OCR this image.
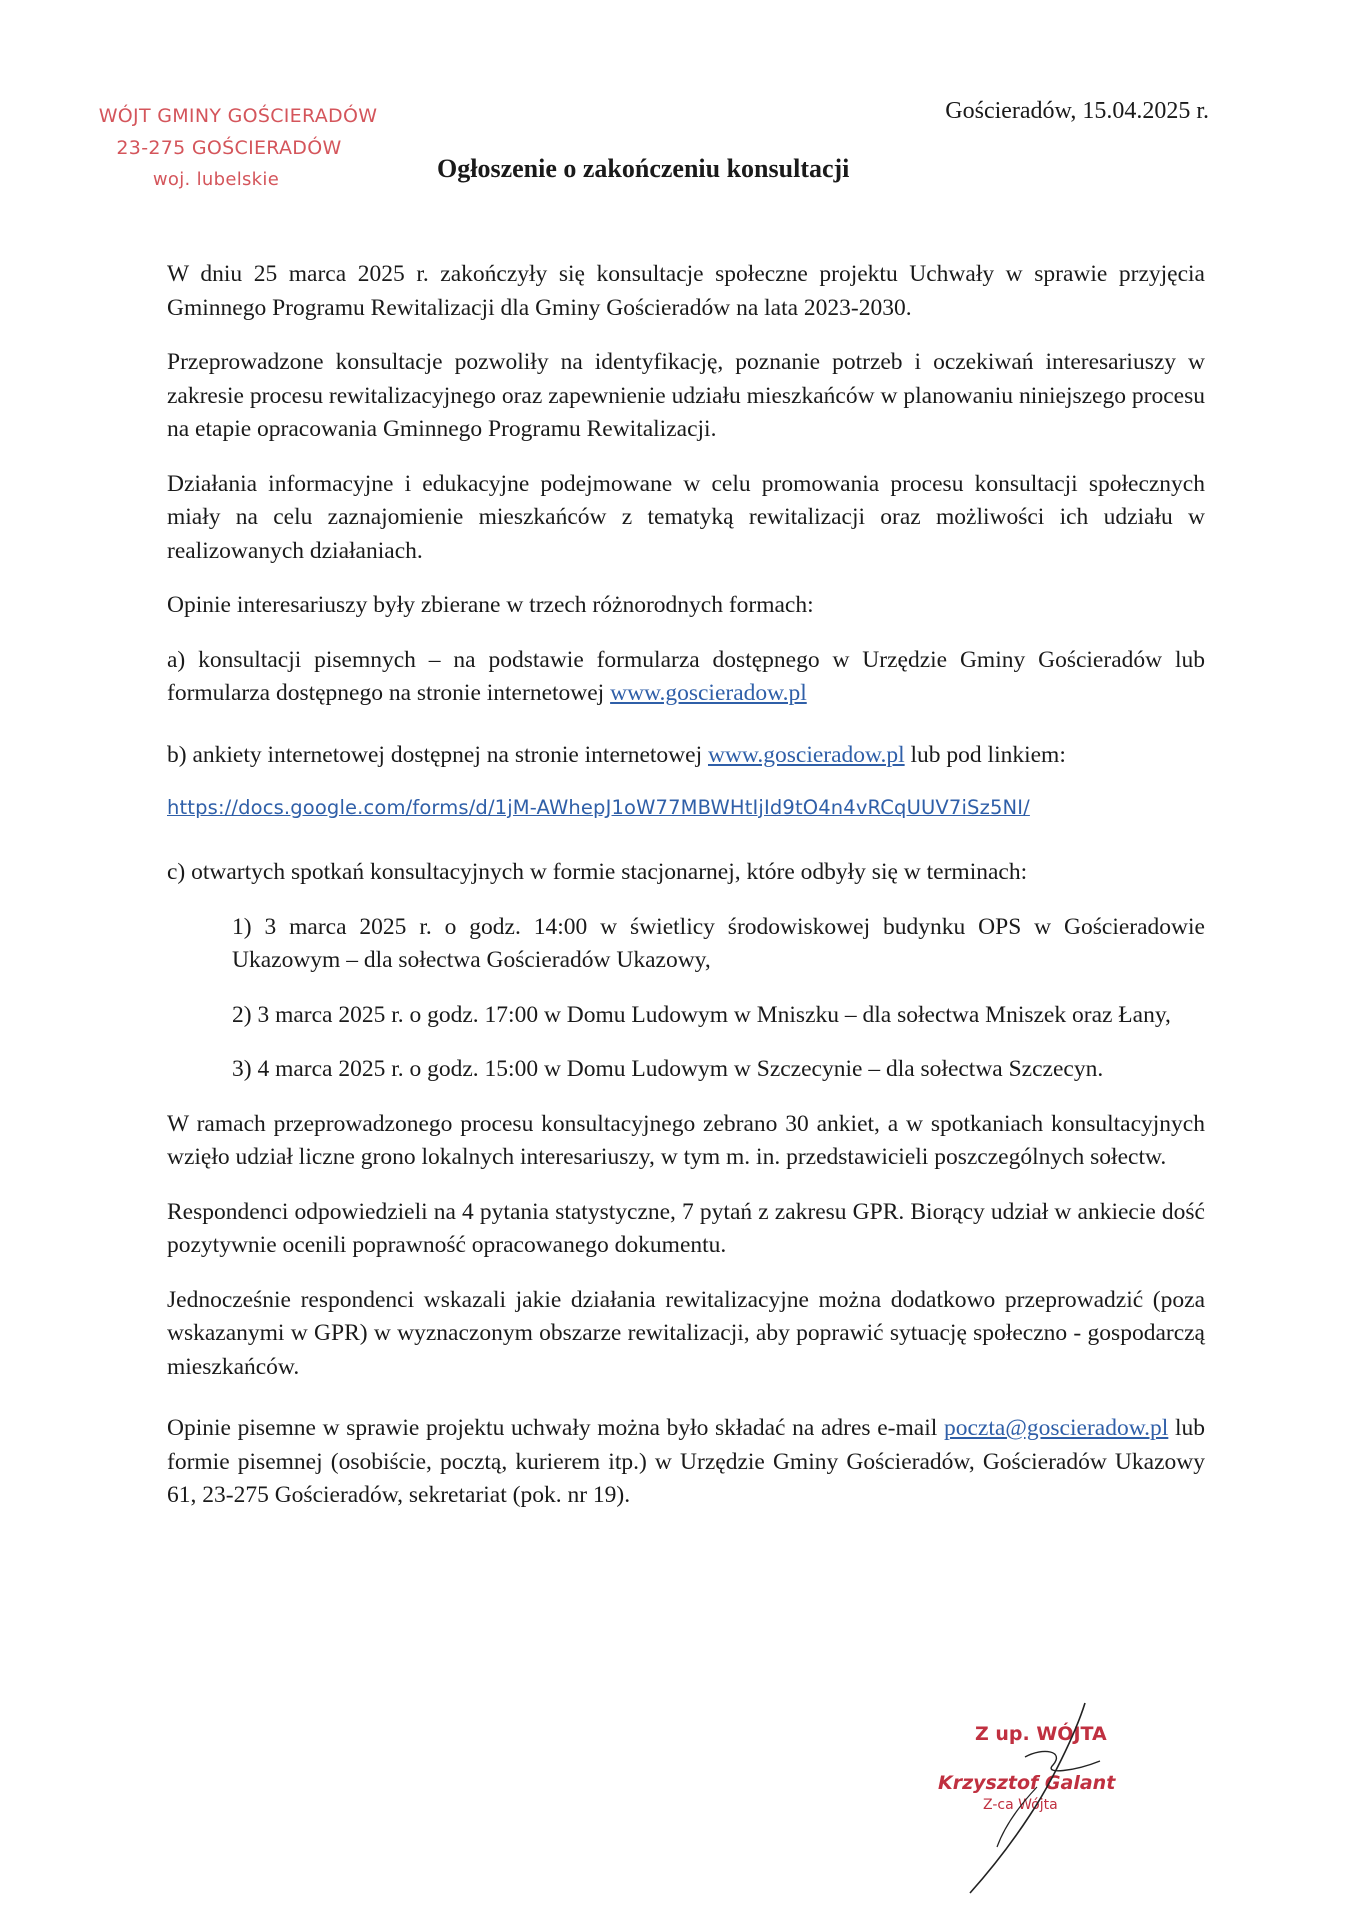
WÓJT GMINY GOŚCIERADÓW
23-275 GOŚCIERADÓW
woj. lubelskie
Gościeradów, 15.04.2025 r.
Ogłoszenie o zakończeniu konsultacji

W dniu 25 marca 2025 r. zakończyły się konsultacje społeczne projektu Uchwały w sprawie przyjęcia Gminnego Programu Rewitalizacji dla Gminy Gościeradów na lata 2023-2030.

Przeprowadzone konsultacje pozwoliły na identyfikację, poznanie potrzeb i oczekiwań interesariuszy w zakresie procesu rewitalizacyjnego oraz zapewnienie udziału mieszkańców w planowaniu niniejszego procesu na etapie opracowania Gminnego Programu Rewitalizacji.

Działania informacyjne i edukacyjne podejmowane w celu promowania procesu konsultacji społecznych miały na celu zaznajomienie mieszkańców z tematyką rewitalizacji oraz możliwości ich udziału w realizowanych działaniach.

Opinie interesariuszy były zbierane w trzech różnorodnych formach:

a) konsultacji pisemnych – na podstawie formularza dostępnego w Urzędzie Gminy Gościeradów lub formularza dostępnego na stronie internetowej www.goscieradow.pl

b) ankiety internetowej dostępnej na stronie internetowej www.goscieradow.pl lub pod linkiem:

https://docs.google.com/forms/d/1jM-AWhepJ1oW77MBWHtIjId9tO4n4vRCqUUV7iSz5NI/

c) otwartych spotkań konsultacyjnych w formie stacjonarnej, które odbyły się w terminach:

1) 3 marca 2025 r. o godz. 14:00 w świetlicy środowiskowej budynku OPS w Gościeradowie Ukazowym – dla sołectwa Gościeradów Ukazowy,

2) 3 marca 2025 r. o godz. 17:00 w Domu Ludowym w Mniszku – dla sołectwa Mniszek oraz Łany,

3) 4 marca 2025 r. o godz. 15:00 w Domu Ludowym w Szczecynie – dla sołectwa Szczecyn.

W ramach przeprowadzonego procesu konsultacyjnego zebrano 30 ankiet, a w spotkaniach konsultacyjnych wzięło udział liczne grono lokalnych interesariuszy, w tym m. in. przedstawicieli poszczególnych sołectw.

Respondenci odpowiedzieli na 4 pytania statystyczne, 7 pytań z zakresu GPR. Biorący udział w ankiecie dość pozytywnie ocenili poprawność opracowanego dokumentu.

Jednocześnie respondenci wskazali jakie działania rewitalizacyjne można dodatkowo przeprowadzić (poza wskazanymi w GPR) w wyznaczonym obszarze rewitalizacji, aby poprawić sytuację społeczno - gospodarczą mieszkańców.

Opinie pisemne w sprawie projektu uchwały można było składać na adres e-mail poczta@goscieradow.pl lub formie pisemnej (osobiście, pocztą, kurierem itp.) w Urzędzie Gminy Gościeradów, Gościeradów Ukazowy 61, 23-275 Gościeradów, sekretariat (pok. nr 19).

Z up. WÓJTA
Krzysztof Galant
Z-ca Wójta
